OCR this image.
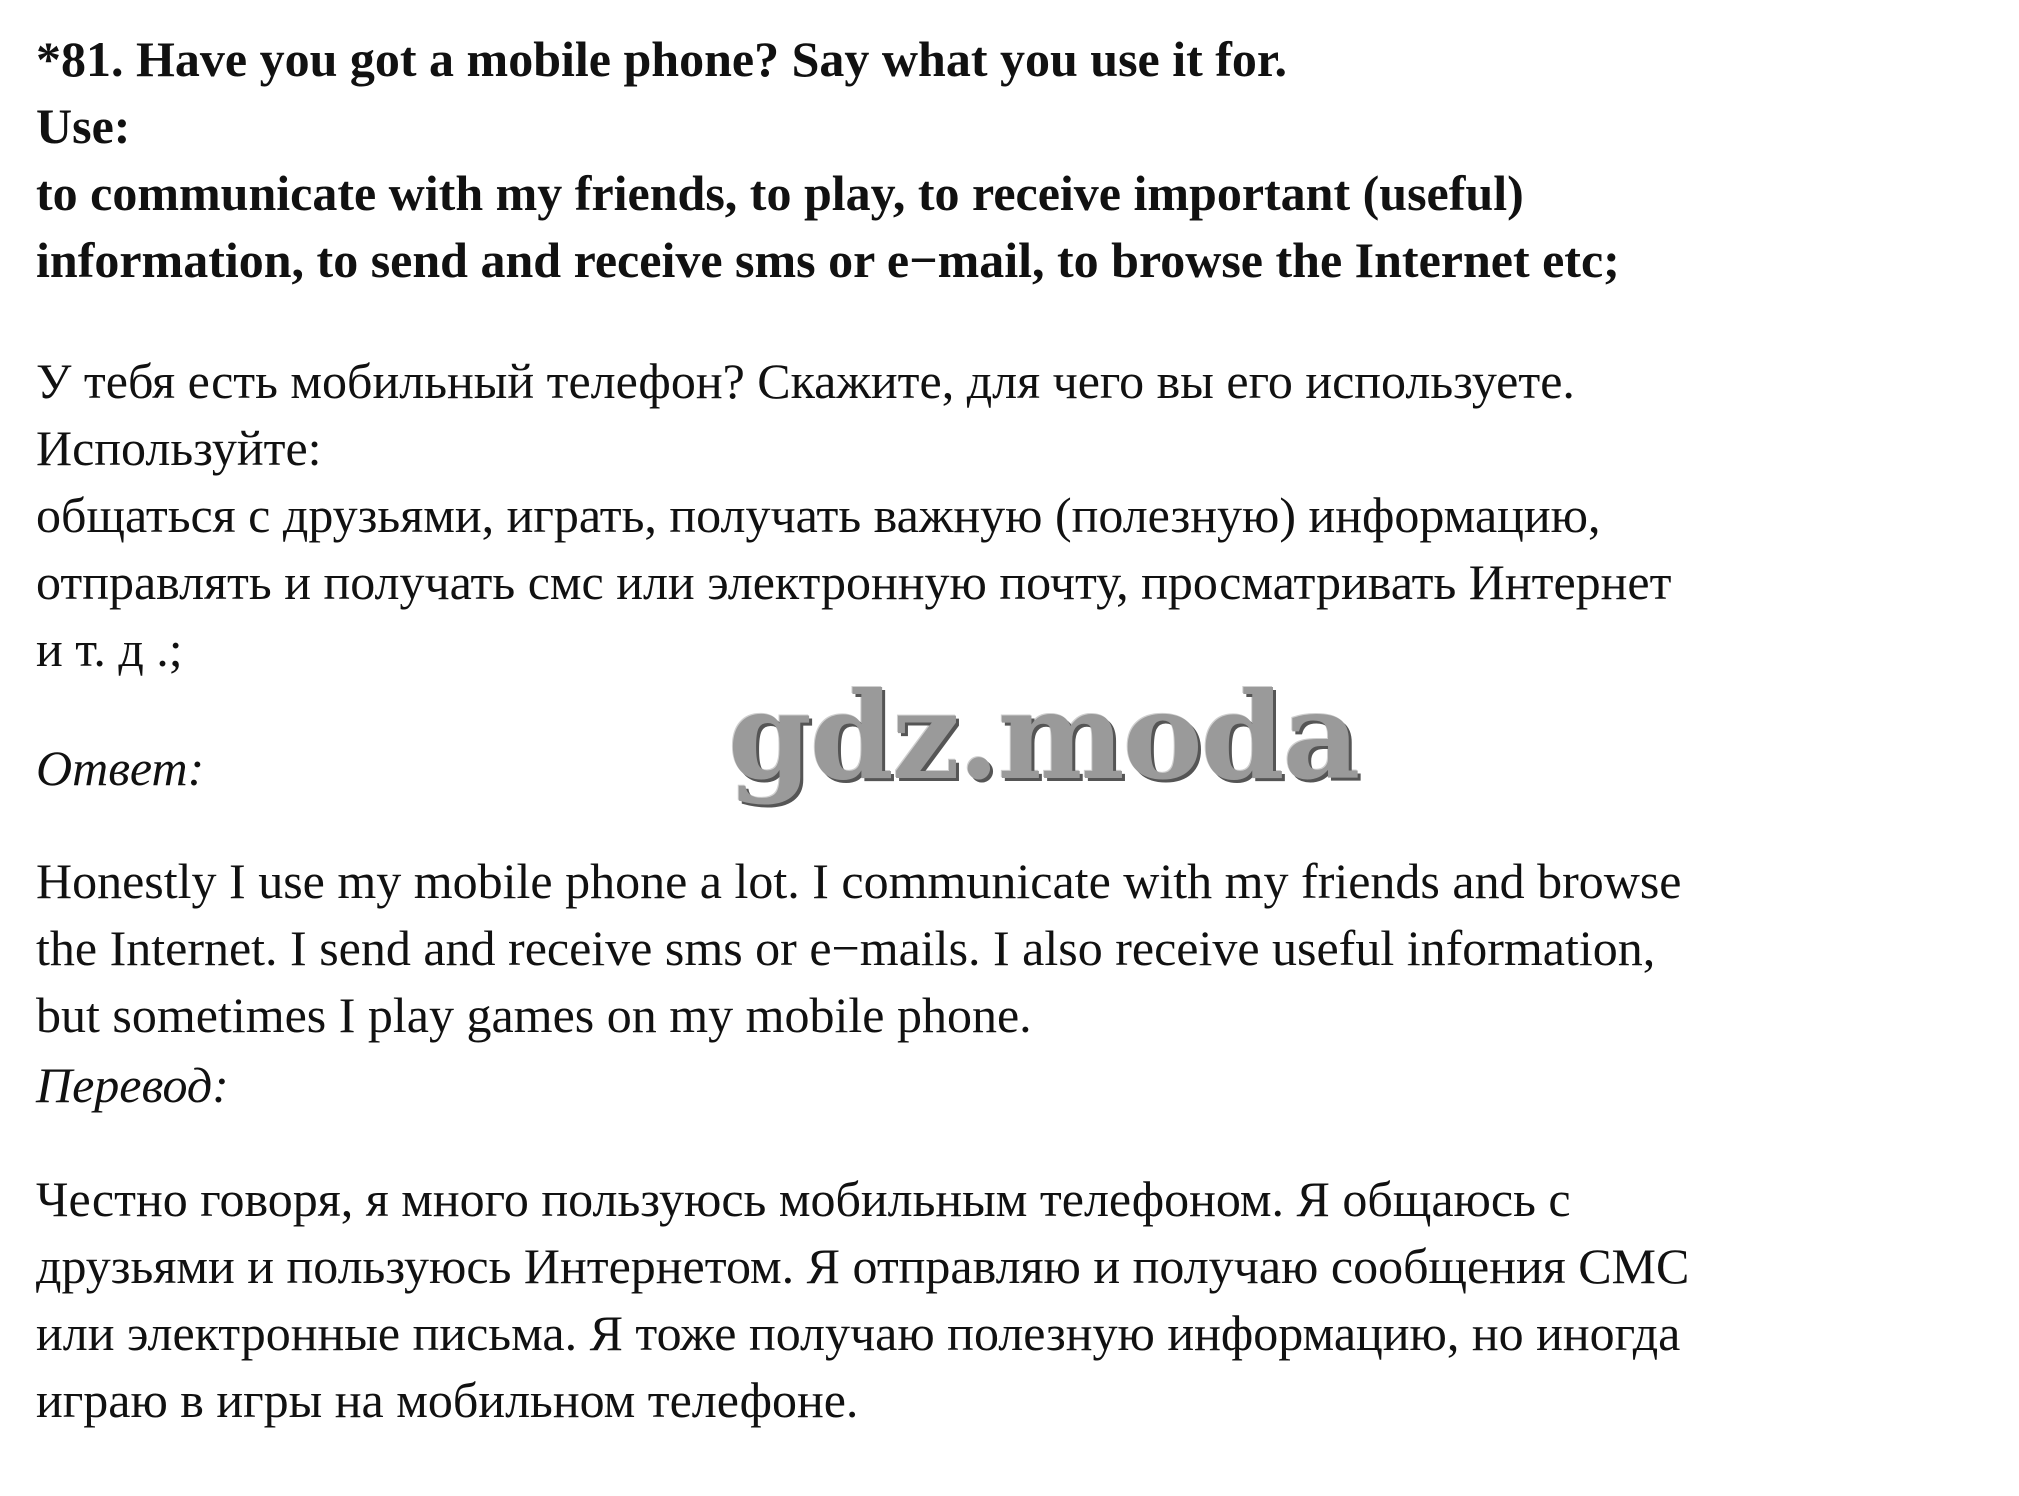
*81. Have you got a mobile phone? Say what you use it for.
Use:
to communicate with my friends, to play, to receive important (useful)
information, to send and receive sms or e−mail, to browse the Internet etc;
У тебя есть мобильный телефон? Скажите, для чего вы его используете.
Используйте:
общаться с друзьями, играть, получать важную (полезную) информацию,
отправлять и получать смс или электронную почту, просматривать Интернет
и т. д .;
Ответ:	gdz.moda
Honestly I use my mobile phone a lot. I communicate with my friends and browse
the Internet. I send and receive sms or e−mails. I also receive useful information,
but sometimes I play games on my mobile phone.
Перевод:
Честно говоря, я много пользуюсь мобильным телефоном. Я общаюсь с
друзьями и пользуюсь Интернетом. Я отправляю и получаю сообщения СМС
или электронные письма. Я тоже получаю полезную информацию, но иногда
играю в игры на мобильном телефоне.
